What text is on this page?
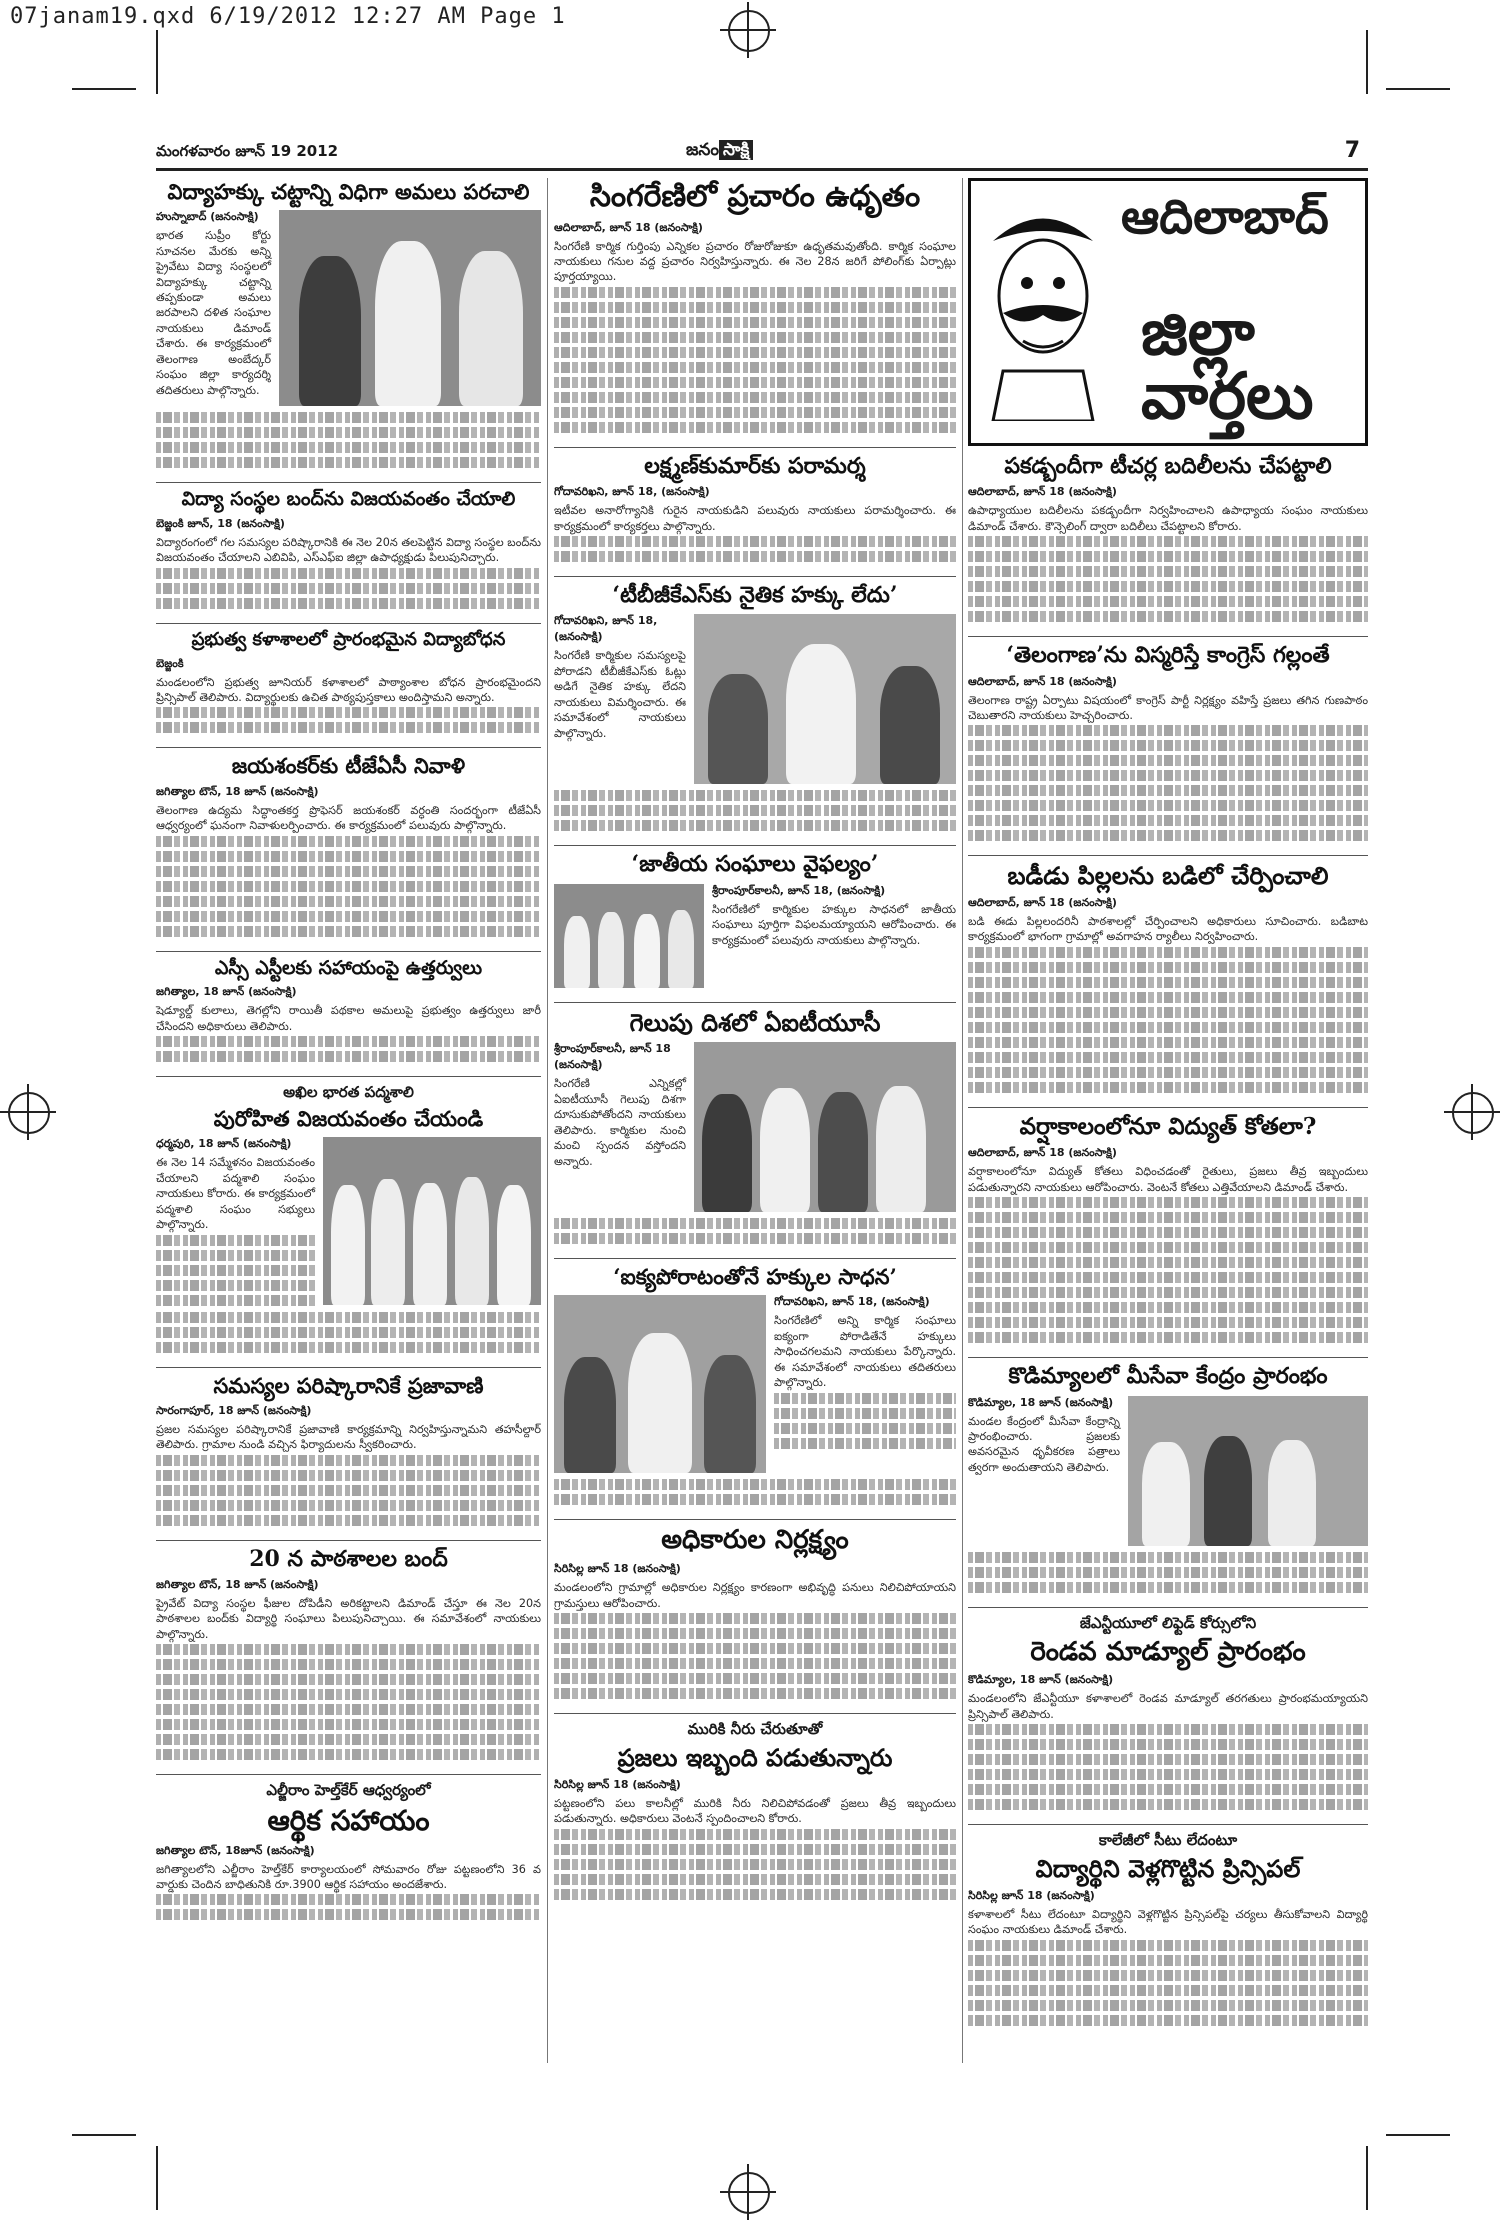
07janam19.qxd 6/19/2012 12:27 AM Page 1
మంగళవారం జూన్ 19 2012	జనం సాక్షి	7
విద్యాహక్కు చట్టాన్ని విధిగా అమలు పరచాలి

హుస్నాబాద్ (జనంసాక్షి)

భారత సుప్రీం కోర్టు సూచనల మేరకు అన్ని ప్రైవేటు విద్యా సంస్థలలో విద్యాహక్కు చట్టాన్ని తప్పకుండా అమలు జరపాలని దళిత సంఘాల నాయకులు డిమాండ్ చేశారు. ఈ కార్యక్రమంలో తెలంగాణ అంబేద్కర్ సంఘం జిల్లా కార్యదర్శి తదితరులు పాల్గొన్నారు.

విద్యా సంస్థల బంద్‌ను విజయవంతం చేయాలి

బెజ్జంకి జూన్, 18 (జనంసాక్షి)

విద్యారంగంలో గల సమస్యల పరిష్కారానికి ఈ నెల 20న తలపెట్టిన విద్యా సంస్థల బంద్‌ను విజయవంతం చేయాలని ఎబివిపి, ఎస్ఎఫ్ఐ జిల్లా ఉపాధ్యక్షుడు పిలుపునిచ్చారు.

ప్రభుత్వ కళాశాలలో ప్రారంభమైన విద్యాబోధన

బెజ్జంకి

మండలంలోని ప్రభుత్వ జూనియర్ కళాశాలలో పాఠ్యాంశాల బోధన ప్రారంభమైందని ప్రిన్సిపాల్ తెలిపారు. విద్యార్థులకు ఉచిత పాఠ్యపుస్తకాలు అందిస్తామని అన్నారు.

జయశంకర్‌కు టీజేఏసీ నివాళి

జగిత్యాల టౌన్, 18 జూన్ (జనంసాక్షి)

తెలంగాణ ఉద్యమ సిద్ధాంతకర్త ప్రొఫెసర్ జయశంకర్ వర్ధంతి సందర్భంగా టీజేఏసీ ఆధ్వర్యంలో ఘనంగా నివాళులర్పించారు. ఈ కార్యక్రమంలో పలువురు పాల్గొన్నారు.

ఎస్సీ ఎస్టీలకు సహాయంపై ఉత్తర్వులు

జగిత్యాల, 18 జూన్ (జనంసాక్షి)

షెడ్యూల్డ్ కులాలు, తెగల్లోని రాయితీ పథకాల అమలుపై ప్రభుత్వం ఉత్తర్వులు జారీ చేసిందని అధికారులు తెలిపారు.

అఖిల భారత పద్మశాలి

పురోహిత విజయవంతం చేయండి

ధర్మపురి, 18 జూన్ (జనంసాక్షి)

ఈ నెల 14 సమ్మేళనం విజయవంతం చేయాలని పద్మశాలి సంఘం నాయకులు కోరారు. ఈ కార్యక్రమంలో పద్మశాలి సంఘం సభ్యులు పాల్గొన్నారు.

సమస్యల పరిష్కారానికే ప్రజావాణి

సారంగాపూర్, 18 జూన్ (జనంసాక్షి)

ప్రజల సమస్యల పరిష్కారానికే ప్రజావాణి కార్యక్రమాన్ని నిర్వహిస్తున్నామని తహసీల్దార్ తెలిపారు. గ్రామాల నుండి వచ్చిన ఫిర్యాదులను స్వీకరించారు.

20 న పాఠశాలల బంద్

జగిత్యాల టౌన్, 18 జూన్ (జనంసాక్షి)

ప్రైవేట్ విద్యా సంస్థల ఫీజుల దోపిడీని అరికట్టాలని డిమాండ్ చేస్తూ ఈ నెల 20న పాఠశాలల బంద్‌కు విద్యార్థి సంఘాలు పిలుపునిచ్చాయి. ఈ సమావేశంలో నాయకులు పాల్గొన్నారు.

ఎల్జీరాం హెల్త్‌కేర్ ఆధ్వర్యంలో

ఆర్థిక సహాయం

జగిత్యాల టౌన్, 18జూన్ (జనంసాక్షి)

జగిత్యాలలోని ఎల్జీరాం హెల్త్‌కేర్ కార్యాలయంలో సోమవారం రోజు పట్టణంలోని 36 వ వార్డుకు చెందిన బాధితునికి రూ.3900 ఆర్థిక సహాయం అందజేశారు.

సింగరేణిలో ప్రచారం ఉధృతం

ఆదిలాబాద్, జూన్ 18 (జనంసాక్షి)

సింగరేణి కార్మిక గుర్తింపు ఎన్నికల ప్రచారం రోజురోజుకూ ఉధృతమవుతోంది. కార్మిక సంఘాల నాయకులు గనుల వద్ద ప్రచారం నిర్వహిస్తున్నారు. ఈ నెల 28న జరిగే పోలింగ్‌కు ఏర్పాట్లు పూర్తయ్యాయి.

లక్ష్మణ్‌కుమార్‌కు పరామర్శ

గోదావరిఖని, జూన్ 18, (జనంసాక్షి)

ఇటీవల అనారోగ్యానికి గురైన నాయకుడిని పలువురు నాయకులు పరామర్శించారు. ఈ కార్యక్రమంలో కార్యకర్తలు పాల్గొన్నారు.

‘టీబీజీకేఎస్‌కు నైతిక హక్కు లేదు’

గోదావరిఖని, జూన్ 18, (జనంసాక్షి)

సింగరేణి కార్మికుల సమస్యలపై పోరాడని టీబీజీకేఎస్‌కు ఓట్లు అడిగే నైతిక హక్కు లేదని నాయకులు విమర్శించారు. ఈ సమావేశంలో నాయకులు పాల్గొన్నారు.

‘జాతీయ సంఘాలు వైఫల్యం’

శ్రీరాంపూర్‌కాలనీ, జూన్ 18, (జనంసాక్షి)

సింగరేణిలో కార్మికుల హక్కుల సాధనలో జాతీయ సంఘాలు పూర్తిగా విఫలమయ్యాయని ఆరోపించారు. ఈ కార్యక్రమంలో పలువురు నాయకులు పాల్గొన్నారు.

గెలుపు దిశలో ఏఐటీయూసీ

శ్రీరాంపూర్‌కాలనీ, జూన్ 18 (జనంసాక్షి)

సింగరేణి ఎన్నికల్లో ఏఐటీయూసీ గెలుపు దిశగా దూసుకుపోతోందని నాయకులు తెలిపారు. కార్మికుల నుంచి మంచి స్పందన వస్తోందని అన్నారు.

‘ఐక్యపోరాటంతోనే హక్కుల సాధన’

గోదావరిఖని, జూన్ 18, (జనంసాక్షి)

సింగరేణిలో అన్ని కార్మిక సంఘాలు ఐక్యంగా పోరాడితేనే హక్కులు సాధించగలమని నాయకులు పేర్కొన్నారు. ఈ సమావేశంలో నాయకులు తదితరులు పాల్గొన్నారు.

అధికారుల నిర్లక్ష్యం

సిరిసిల్ల జూన్ 18 (జనంసాక్షి)

మండలంలోని గ్రామాల్లో అధికారుల నిర్లక్ష్యం కారణంగా అభివృద్ధి పనులు నిలిచిపోయాయని గ్రామస్తులు ఆరోపించారు.

మురికి నీరు చేరుతూతో

ప్రజలు ఇబ్బంది పడుతున్నారు

సిరిసిల్ల జూన్ 18 (జనంసాక్షి)

పట్టణంలోని పలు కాలనీల్లో మురికి నీరు నిలిచిపోవడంతో ప్రజలు తీవ్ర ఇబ్బందులు పడుతున్నారు. అధికారులు వెంటనే స్పందించాలని కోరారు.

ఆదిలాబాద్
జిల్లా వార్తలు
పకడ్బందీగా టీచర్ల బదిలీలను చేపట్టాలి

ఆదిలాబాద్, జూన్ 18 (జనంసాక్షి)

ఉపాధ్యాయుల బదిలీలను పకడ్బందీగా నిర్వహించాలని ఉపాధ్యాయ సంఘం నాయకులు డిమాండ్ చేశారు. కౌన్సెలింగ్ ద్వారా బదిలీలు చేపట్టాలని కోరారు.

‘తెలంగాణ’ను విస్మరిస్తే కాంగ్రెస్ గల్లంతే

ఆదిలాబాద్, జూన్ 18 (జనంసాక్షి)

తెలంగాణ రాష్ట్ర ఏర్పాటు విషయంలో కాంగ్రెస్ పార్టీ నిర్లక్ష్యం వహిస్తే ప్రజలు తగిన గుణపాఠం చెబుతారని నాయకులు హెచ్చరించారు.

బడీడు పిల్లలను బడిలో చేర్పించాలి

ఆదిలాబాద్, జూన్ 18 (జనంసాక్షి)

బడి ఈడు పిల్లలందరినీ పాఠశాలల్లో చేర్పించాలని అధికారులు సూచించారు. బడిబాట కార్యక్రమంలో భాగంగా గ్రామాల్లో అవగాహన ర్యాలీలు నిర్వహించారు.

వర్షాకాలంలోనూ విద్యుత్ కోతలా?

ఆదిలాబాద్, జూన్ 18 (జనంసాక్షి)

వర్షాకాలంలోనూ విద్యుత్ కోతలు విధించడంతో రైతులు, ప్రజలు తీవ్ర ఇబ్బందులు పడుతున్నారని నాయకులు ఆరోపించారు. వెంటనే కోతలు ఎత్తివేయాలని డిమాండ్ చేశారు.

కొడిమ్యాలలో మీసేవా కేంద్రం ప్రారంభం

కొడిమ్యాల, 18 జూన్ (జనంసాక్షి)

మండల కేంద్రంలో మీసేవా కేంద్రాన్ని ప్రారంభించారు. ప్రజలకు అవసరమైన ధృవీకరణ పత్రాలు త్వరగా అందుతాయని తెలిపారు.

జేఎన్టీయూలో లిఫ్టెడ్ కోర్సులోని

రెండవ మాడ్యూల్ ప్రారంభం

కొడిమ్యాల, 18 జూన్ (జనంసాక్షి)

మండలంలోని జేఎన్టీయూ కళాశాలలో రెండవ మాడ్యూల్ తరగతులు ప్రారంభమయ్యాయని ప్రిన్సిపాల్ తెలిపారు.

కాలేజీలో సీటు లేదంటూ

విద్యార్థిని వెళ్లగొట్టిన ప్రిన్సిపల్

సిరిసిల్ల జూన్ 18 (జనంసాక్షి)

కళాశాలలో సీటు లేదంటూ విద్యార్థిని వెళ్లగొట్టిన ప్రిన్సిపల్‌పై చర్యలు తీసుకోవాలని విద్యార్థి సంఘం నాయకులు డిమాండ్ చేశారు.
